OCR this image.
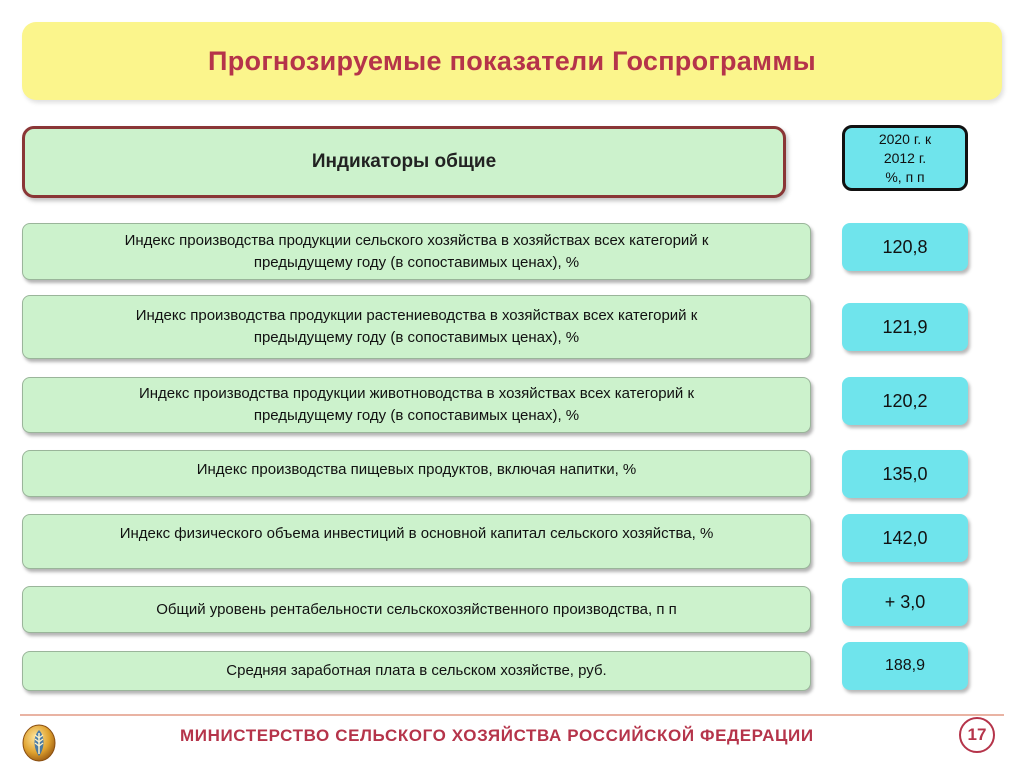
Прогнозируемые показатели Госпрограммы
Индикаторы общие
2020 г. к
2012 г.
%, п п
Индекс производства продукции сельского хозяйства в хозяйствах всех категорий к
предыдущему году (в сопоставимых ценах), %
120,8
Индекс производства продукции растениеводства в хозяйствах всех категорий к
предыдущему году (в сопоставимых ценах), %
121,9
Индекс производства продукции животноводства в хозяйствах всех категорий к
предыдущему году (в сопоставимых ценах), %
120,2
Индекс производства пищевых продуктов, включая напитки, %	135,0
Индекс физического объема инвестиций в основной капитал сельского хозяйства, %	142,0
Общий уровень рентабельности сельскохозяйственного производства, п п	+ 3,0
Средняя заработная плата в сельском хозяйстве, руб.	188,9
МИНИСТЕРСТВО СЕЛЬСКОГО ХОЗЯЙСТВА РОССИЙСКОЙ ФЕДЕРАЦИИ	17
